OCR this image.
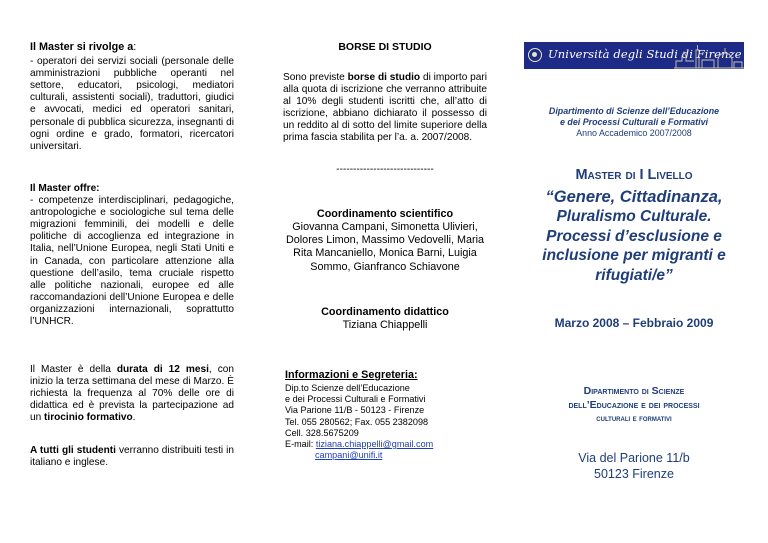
Il Master si rivolge a:

- operatori dei servizi sociali (personale delle amministrazioni pubbliche operanti nel settore, educatori, psicologi, mediatori culturali, assistenti sociali), traduttori, giudici e avvocati, medici ed operatori sanitari, personale di pubblica sicurezza, insegnanti di ogni ordine e grado, formatori, ricercatori universitari.

Il Master offre:

- competenze interdisciplinari, pedagogiche, antropologiche e sociologiche sul tema delle migrazioni femminili, dei modelli e delle politiche di accoglienza ed integrazione in Italia, nell’Unione Europea, negli Stati Uniti e in Canada, con particolare attenzione alla questione dell’asilo, tema cruciale rispetto alle politiche nazionali, europee ed alle raccomandazioni dell’Unione Europea e delle organizzazioni internazionali, soprattutto l’UNHCR.

Il Master è della durata di 12 mesi, con inizio la terza settimana del mese di Marzo. È richiesta la frequenza al 70% delle ore di didattica ed è prevista la partecipazione ad un tirocinio formativo.

A tutti gli studenti verranno distribuiti testi in italiano e inglese.

BORSE DI STUDIO

Sono previste borse di studio di importo pari alla quota di iscrizione che verranno attribuite al 10% degli studenti iscritti che, all’atto di iscrizione, abbiano dichiarato il possesso di un reddito al di sotto del limite superiore della prima fascia stabilita per l’a. a. 2007/2008.

-----------------------------

Coordinamento scientifico

Giovanna Campani, Simonetta Ulivieri, Dolores Limon, Massimo Vedovelli, Maria Rita Mancaniello, Monica Barni, Luigia Sommo, Gianfranco Schiavone

Coordinamento didattico

Tiziana Chiappelli

Informazioni e Segreteria:

Dip.to Scienze dell’Educazione

e dei Processi Culturali e Formativi

Via Parione 11/B - 50123 - Firenze

Tel. 055 280562; Fax. 055 2382098

Cell. 328.5675209

E-mail: tiziana.chiappelli@gmail.com

campani@unifi.it

Università degli Studi di Firenze

Dipartimento di Scienze dell’Educazione

e dei Processi Culturali e Formativi

Anno Accademico 2007/2008

Master di I Livello

“Genere, Cittadinanza,

Pluralismo Culturale.

Processi d’esclusione e

inclusione per migranti e

rifugiati/e”

Marzo 2008 – Febbraio 2009

Dipartimento di Scienze

dell’Educazione e dei processi

culturali e formativi

Via del Parione 11/b

50123 Firenze
